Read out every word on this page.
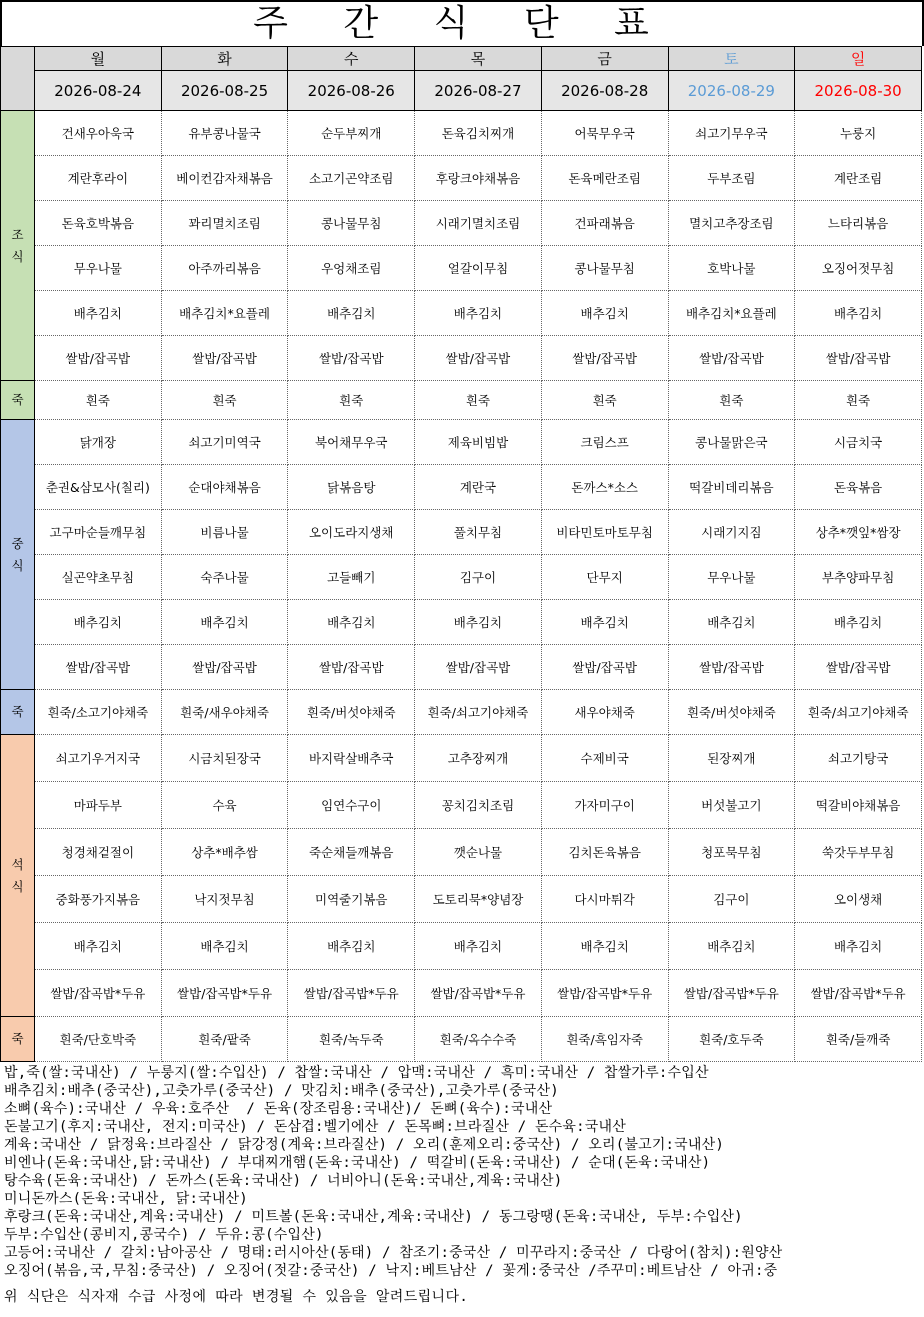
주 간 식 단 표
	월	화	수	목	금	토	일
	2026-08-24	2026-08-25	2026-08-26	2026-08-27	2026-08-28	2026-08-29	2026-08-30
조
식	건새우아욱국	유부콩나물국	순두부찌개	돈육김치찌개	어묵무우국	쇠고기무우국	누룽지
	계란후라이	베이컨감자채볶음	소고기곤약조림	후랑크야채볶음	돈육메란조림	두부조림	계란조림
	돈육호박볶음	꽈리멸치조림	콩나물무침	시래기멸치조림	건파래볶음	멸치고추장조림	느타리볶음
	무우나물	아주까리볶음	우엉채조림	얼갈이무침	콩나물무침	호박나물	오징어젓무침
	배추김치	배추김치*요플레	배추김치	배추김치	배추김치	배추김치*요플레	배추김치
	쌀밥/잡곡밥	쌀밥/잡곡밥	쌀밥/잡곡밥	쌀밥/잡곡밥	쌀밥/잡곡밥	쌀밥/잡곡밥	쌀밥/잡곡밥
죽	흰죽	흰죽	흰죽	흰죽	흰죽	흰죽	흰죽
중
식	닭개장	쇠고기미역국	북어채무우국	제육비빔밥	크림스프	콩나물맑은국	시금치국
	춘권&삼모사(칠리)	순대야채볶음	닭볶음탕	계란국	돈까스*소스	떡갈비데리볶음	돈육볶음
	고구마순들깨무침	비름나물	오이도라지생채	풀치무침	비타민토마토무침	시래기지짐	상추*깻잎*쌈장
	실곤약초무침	숙주나물	고들빼기	김구이	단무지	무우나물	부추양파무침
	배추김치	배추김치	배추김치	배추김치	배추김치	배추김치	배추김치
	쌀밥/잡곡밥	쌀밥/잡곡밥	쌀밥/잡곡밥	쌀밥/잡곡밥	쌀밥/잡곡밥	쌀밥/잡곡밥	쌀밥/잡곡밥
죽	흰죽/소고기야채죽	흰죽/새우야채죽	흰죽/버섯야채죽	흰죽/쇠고기야채죽	새우야채죽	흰죽/버섯야채죽	흰죽/쇠고기야채죽
석
식	쇠고기우거지국	시금치된장국	바지락살배추국	고추장찌개	수제비국	된장찌개	쇠고기탕국
	마파두부	수육	임연수구이	꽁치김치조림	가자미구이	버섯불고기	떡갈비야채볶음
	청경채겉절이	상추*배추쌈	죽순채들깨볶음	깻순나물	김치돈육볶음	청포묵무침	쑥갓두부무침
	중화풍가지볶음	낙지젓무침	미역줄기볶음	도토리묵*양념장	다시마튀각	김구이	오이생채
	배추김치	배추김치	배추김치	배추김치	배추김치	배추김치	배추김치
	쌀밥/잡곡밥*두유	쌀밥/잡곡밥*두유	쌀밥/잡곡밥*두유	쌀밥/잡곡밥*두유	쌀밥/잡곡밥*두유	쌀밥/잡곡밥*두유	쌀밥/잡곡밥*두유
죽	흰죽/단호박죽	흰죽/팥죽	흰죽/녹두죽	흰죽/옥수수죽	흰죽/흑임자죽	흰죽/호두죽	흰죽/들깨죽
밥,죽(쌀:국내산) / 누룽지(쌀:수입산) / 찹쌀:국내산 / 압맥:국내산 / 흑미:국내산 / 찹쌀가루:수입산
배추김치:배추(중국산),고춧가루(중국산) / 맛김치:배추(중국산),고춧가루(중국산)
소뼈(육수):국내산 / 우육:호주산  / 돈육(장조림용:국내산)/ 돈뼈(육수):국내산
돈불고기(후지:국내산, 전지:미국산) / 돈삼겹:벨기에산 / 돈목뼈:브라질산 / 돈수육:국내산
계육:국내산 / 닭정육:브라질산 / 닭강정(계육:브라질산) / 오리(훈제오리:중국산) / 오리(불고기:국내산)
비엔나(돈육:국내산,닭:국내산) / 부대찌개햄(돈육:국내산) / 떡갈비(돈육:국내산) / 순대(돈육:국내산)
탕수육(돈육:국내산) / 돈까스(돈육:국내산) / 너비아니(돈육:국내산,계육:국내산)
미니돈까스(돈육:국내산, 닭:국내산)
후랑크(돈육:국내산,계육:국내산) / 미트볼(돈육:국내산,계육:국내산) / 동그랑땡(돈육:국내산, 두부:수입산)
두부:수입산(콩비지,콩국수) / 두유:콩(수입산)
고등어:국내산 / 갈치:남아공산 / 명태:러시아산(동태) / 참조기:중국산 / 미꾸라지:중국산 / 다랑어(참치):원양산
오징어(볶음,국,무침:중국산) / 오징어(젓갈:중국산) / 낙지:베트남산 / 꽃게:중국산 /주꾸미:베트남산 / 아귀:중
위 식단은 식자재 수급 사정에 따라 변경될 수 있음을 알려드립니다.
